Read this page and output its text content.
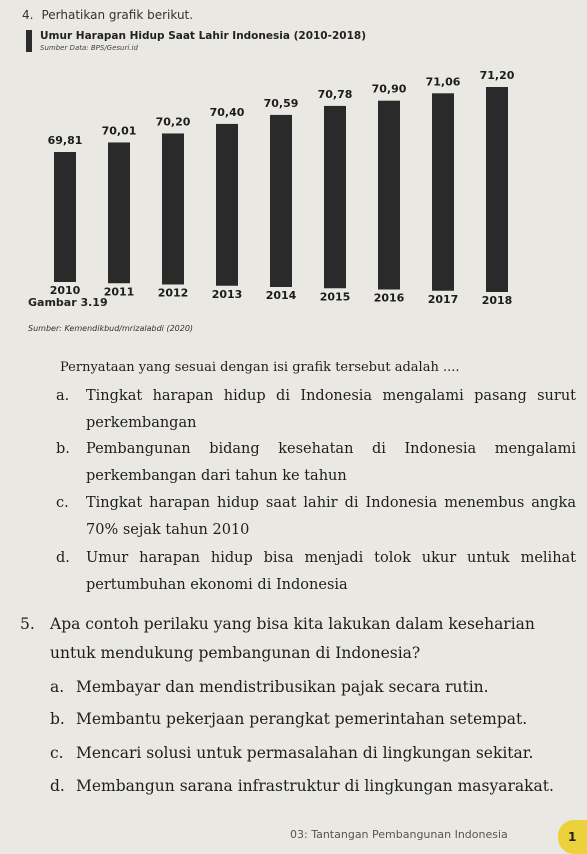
4. Perhatikan grafik berikut.
Umur Harapan Hidup Saat Lahir Indonesia (2010-2018)
Sumber Data: BPS/Gesuri.id
69,81
2010
70,01
2011
70,20
2012
70,40
2013
70,59
2014
70,78
2015
70,90
2016
71,06
2017
71,20
2018
Gambar 3.19
Sumber: Kemendikbud/mrizalabdi (2020)
Pernyataan yang sesuai dengan isi grafik tersebut adalah ....
a. Tingkat harapan hidup di Indonesia mengalami pasang surut perkembangan
b. Pembangunan bidang kesehatan di Indonesia mengalami perkembangan dari tahun ke tahun
c. Tingkat harapan hidup saat lahir di Indonesia menembus angka 70% sejak tahun 2010
d. Umur harapan hidup bisa menjadi tolok ukur untuk melihat pertumbuhan ekonomi di Indonesia
5. Apa contoh perilaku yang bisa kita lakukan dalam keseharian untuk mendukung pembangunan di Indonesia?
a. Membayar dan mendistribusikan pajak secara rutin.
b. Membantu pekerjaan perangkat pemerintahan setempat.
c. Mencari solusi untuk permasalahan di lingkungan sekitar.
d. Membangun sarana infrastruktur di lingkungan masyarakat.
03: Tantangan Pembangunan Indonesia	1
